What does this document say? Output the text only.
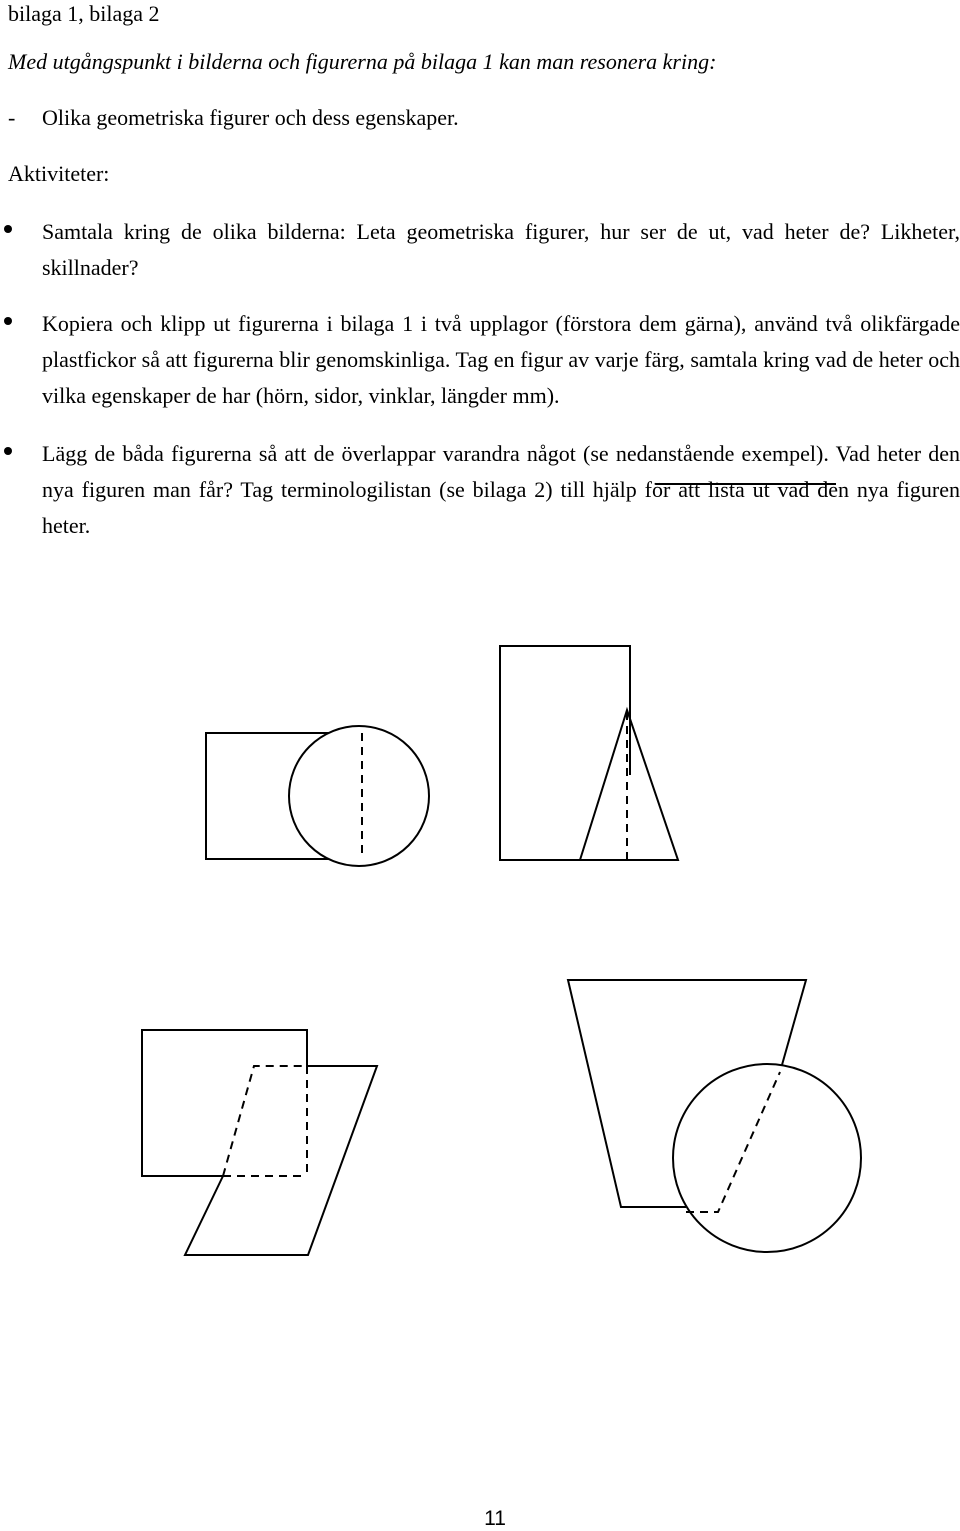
bilaga 1, bilaga 2
Med utgångspunkt i bilderna och figurerna på bilaga 1 kan man resonera kring:
- Olika geometriska figurer och dess egenskaper.
Aktiviteter:
Samtala kring de olika bilderna: Leta geometriska figurer, hur ser de ut, vad heter de? Likheter, skillnader?
Kopiera och klipp ut figurerna i bilaga 1 i två upplagor (förstora dem gärna), använd två olikfärgade plastfickor så att figurerna blir genomskinliga. Tag en figur av varje färg, samtala kring vad de heter och vilka egenskaper de har (hörn, sidor, vinklar, längder mm).
Lägg de båda figurerna så att de överlappar varandra något (se nedanstående exempel). Vad heter den nya figuren man får? Tag terminologilistan (se bilaga 2) till hjälp för att lista ut vad den nya figuren heter.
11
